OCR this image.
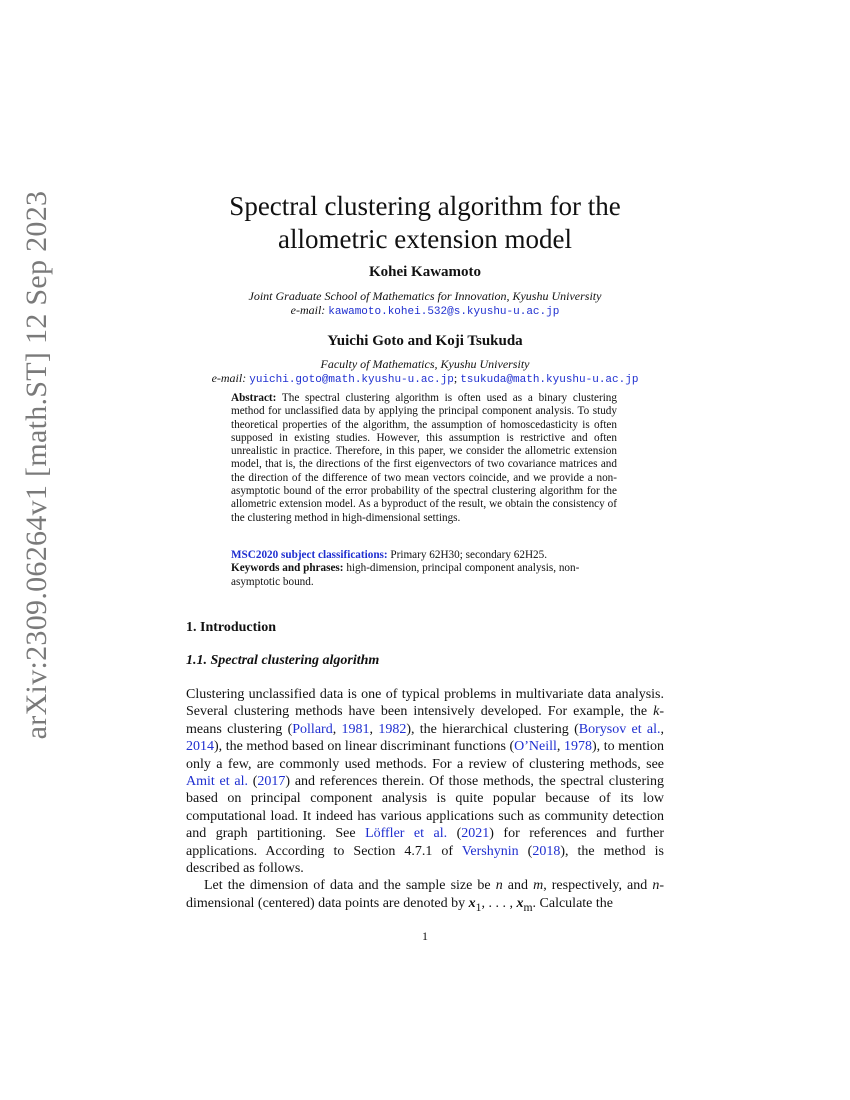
arXiv:2309.06264v1 [math.ST] 12 Sep 2023	Spectral clustering algorithm for the
allometric extension model
Kohei Kawamoto
Joint Graduate School of Mathematics for Innovation, Kyushu University
e-mail: kawamoto.kohei.532@s.kyushu-u.ac.jp
Yuichi Goto and Koji Tsukuda
Faculty of Mathematics, Kyushu University
e-mail: yuichi.goto@math.kyushu-u.ac.jp; tsukuda@math.kyushu-u.ac.jp
Abstract: The spectral clustering algorithm is often used as a binary clustering method for unclassified data by applying the principal component analysis. To study theoretical properties of the algorithm, the assumption of homoscedasticity is often supposed in existing studies. However, this assumption is restrictive and often unrealistic in practice. Therefore, in this paper, we consider the allometric extension model, that is, the directions of the first eigenvectors of two covariance matrices and the direction of the difference of two mean vectors coincide, and we provide a non-asymptotic bound of the error probability of the spectral clustering algorithm for the allometric extension model. As a byproduct of the result, we obtain the consistency of the clustering method in high-dimensional settings.
MSC2020 subject classifications: Primary 62H30; secondary 62H25.
Keywords and phrases: high-dimension, principal component analysis, non-asymptotic bound.
1. Introduction
1.1. Spectral clustering algorithm

Clustering unclassified data is one of typical problems in multivariate data analysis. Several clustering methods have been intensively developed. For example, the k-means clustering (Pollard, 1981, 1982), the hierarchical clustering (Borysov et al., 2014), the method based on linear discriminant functions (O’Neill, 1978), to mention only a few, are commonly used methods. For a review of clustering methods, see Amit et al. (2017) and references therein. Of those methods, the spectral clustering based on principal component analysis is quite popular because of its low computational load. It indeed has various applications such as community detection and graph partitioning. See Löffler et al. (2021) for references and further applications. According to Section 4.7.1 of Vershynin (2018), the method is described as follows.

Let the dimension of data and the sample size be n and m, respectively, and n-dimensional (centered) data points are denoted by $x_1$, . . . , $x_m$. Calculate the

1
